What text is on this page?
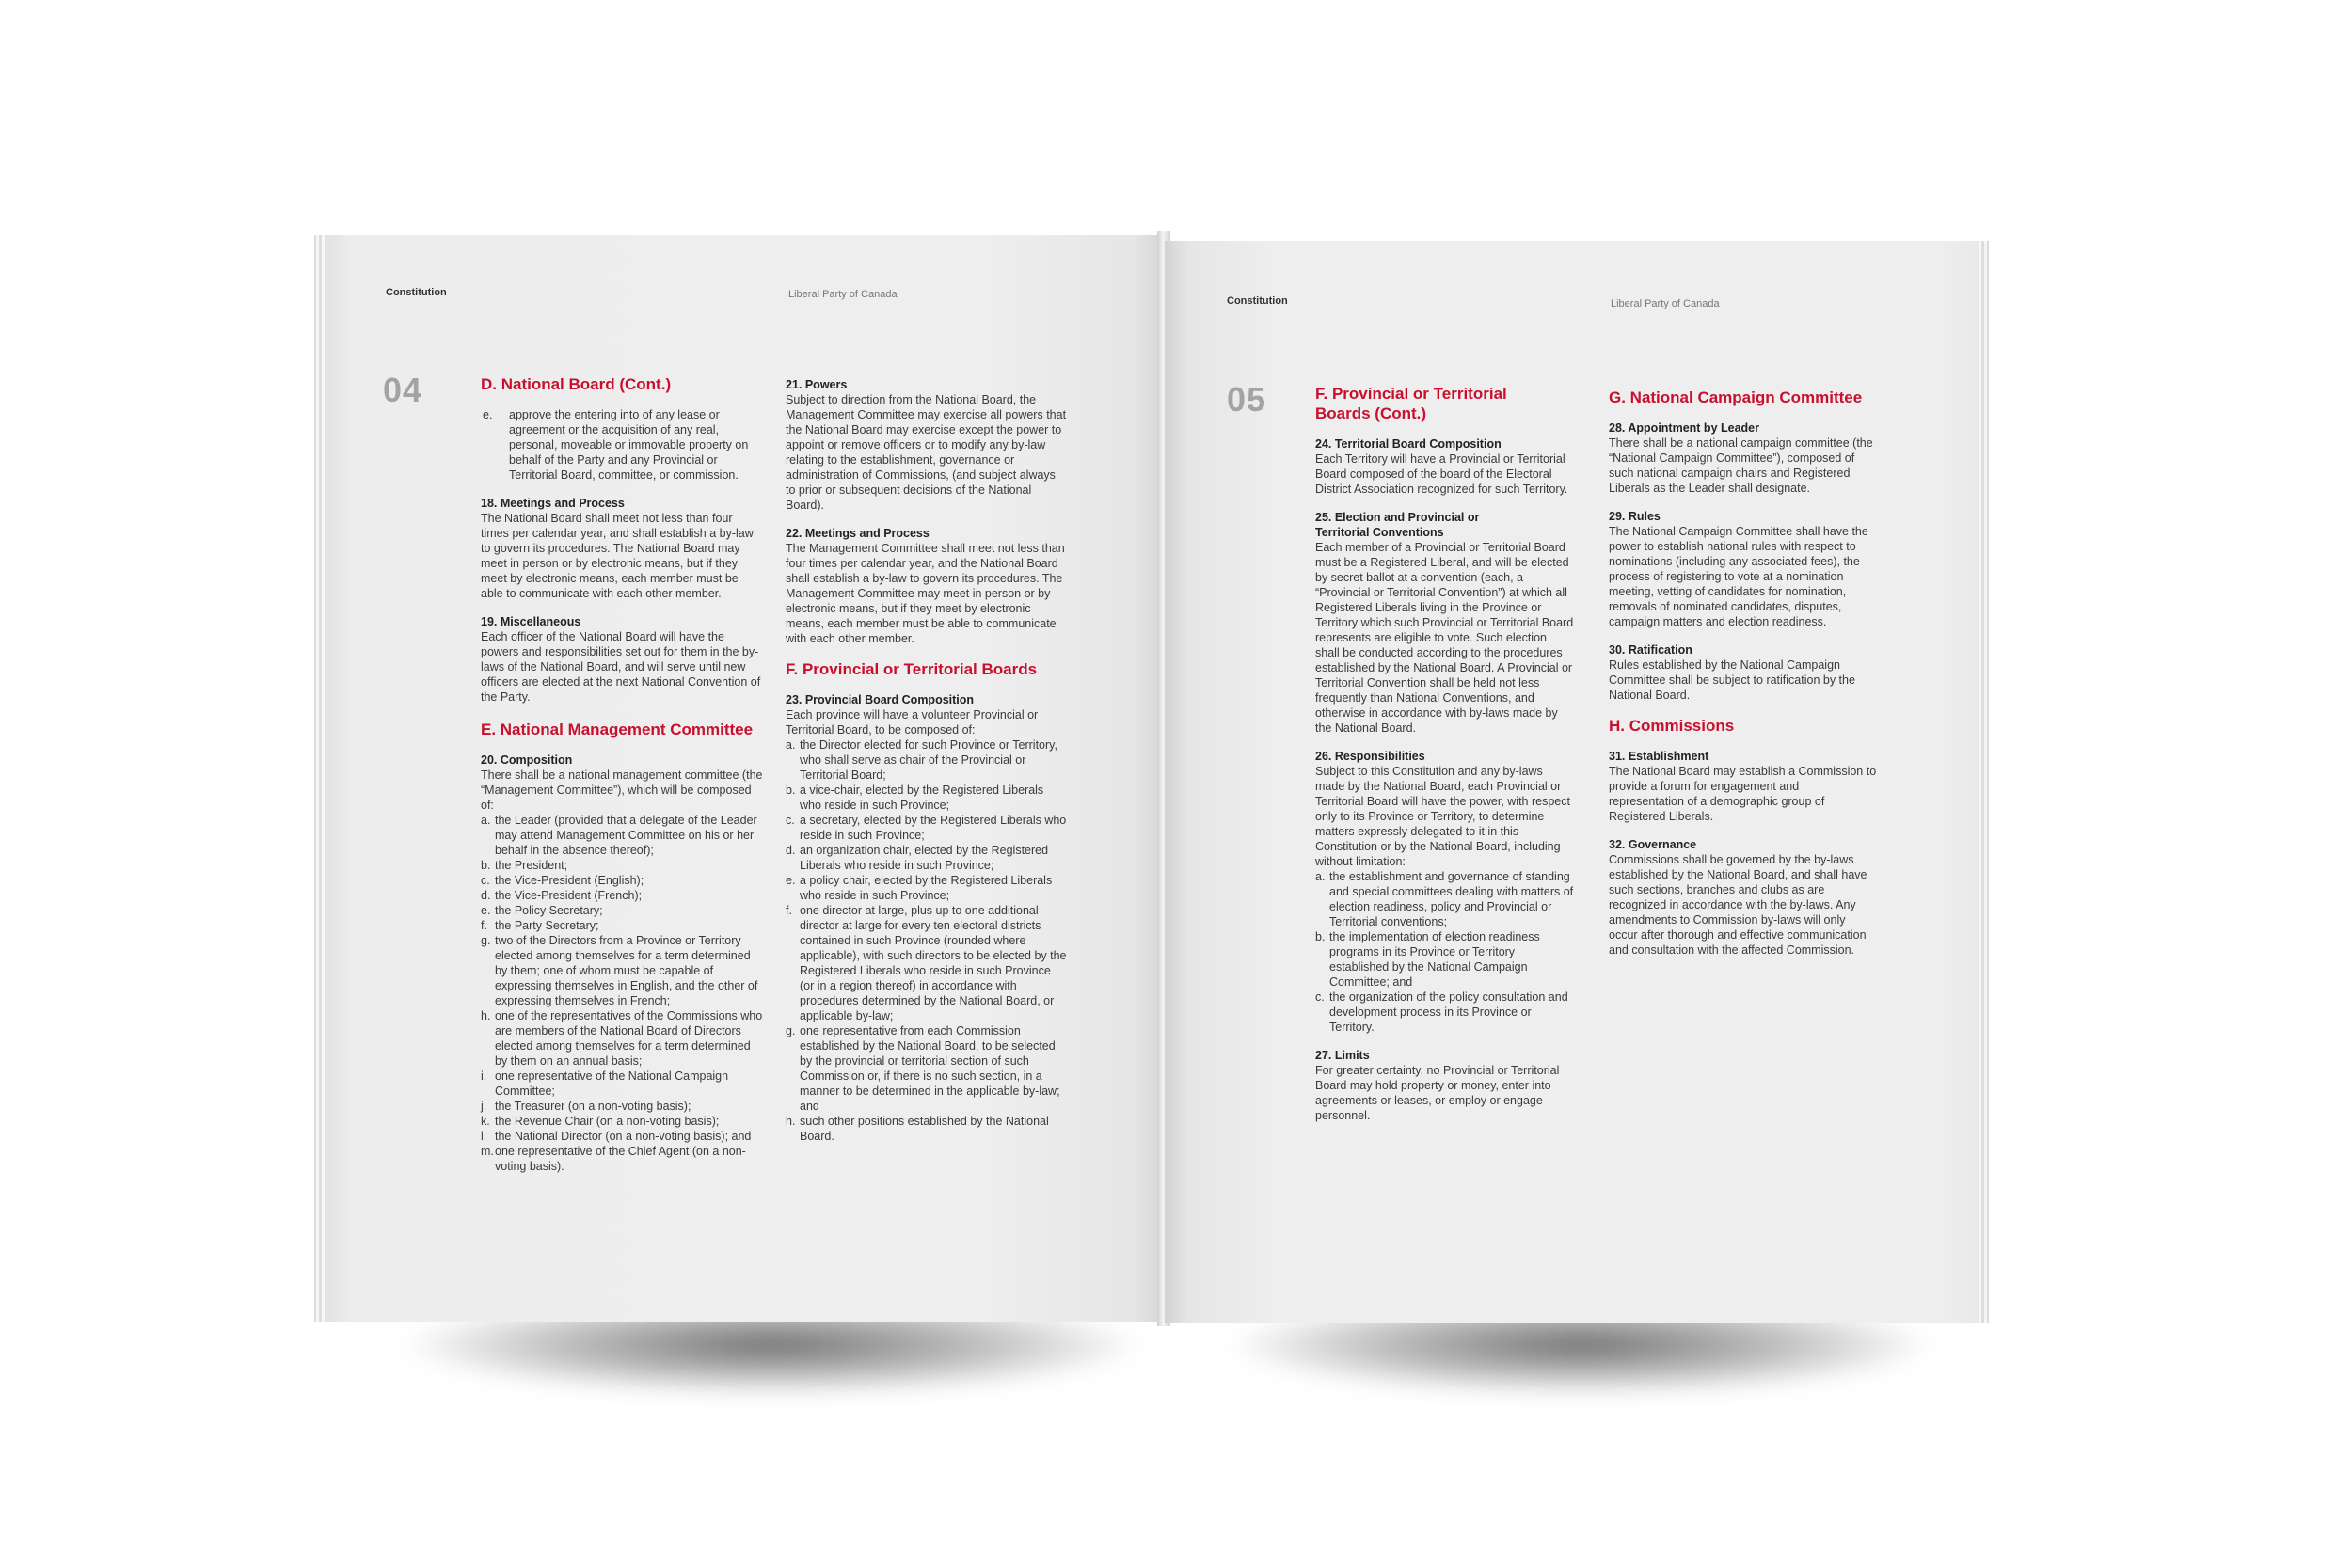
Constitution	Liberal Party of Canada
04	D. National Board (Cont.)
e. approve the entering into of any lease or agreement or the acquisition of any real, personal, moveable or immovable property on behalf of the Party and any Provincial or Territorial Board, committee, or commission.

18. Meetings and Process

The National Board shall meet not less than four times per calendar year, and shall establish a by-law to govern its procedures. The National Board may meet in person or by electronic means, but if they meet by electronic means, each member must be able to communicate with each other member.

19. Miscellaneous

Each officer of the National Board will have the powers and responsibilities set out for them in the by-laws of the National Board, and will serve until new officers are elected at the next National Convention of the Party.

E. National Management Committee

20. Composition

There shall be a national management committee (the “Management Committee”), which will be composed of:

a. the Leader (provided that a delegate of the Leader may attend Management Committee on his or her behalf in the absence thereof);
b. the President;
c. the Vice-President (English);
d. the Vice-President (French);
e. the Policy Secretary;
f. the Party Secretary;
g. two of the Directors from a Province or Territory elected among themselves for a term determined by them; one of whom must be capable of expressing themselves in English, and the other of expressing themselves in French;
h. one of the representatives of the Commissions who are members of the National Board of Directors elected among themselves for a term determined by them on an annual basis;
i. one representative of the National Campaign Committee;
j. the Treasurer (on a non-voting basis);
k. the Revenue Chair (on a non-voting basis);
l. the National Director (on a non-voting basis); and
m. one representative of the Chief Agent (on a non-voting basis).

21. Powers

Subject to direction from the National Board, the Management Committee may exercise all powers that the National Board may exercise except the power to appoint or remove officers or to modify any by-law relating to the establishment, governance or administration of Commissions, (and subject always to prior or subsequent decisions of the National Board).

22. Meetings and Process

The Management Committee shall meet not less than four times per calendar year, and the National Board shall establish a by-law to govern its procedures. The Management Committee may meet in person or by electronic means, but if they meet by electronic means, each member must be able to communicate with each other member.

F. Provincial or Territorial Boards

23. Provincial Board Composition

Each province will have a volunteer Provincial or Territorial Board, to be composed of:

a. the Director elected for such Province or Territory, who shall serve as chair of the Provincial or Territorial Board;
b. a vice-chair, elected by the Registered Liberals who reside in such Province;
c. a secretary, elected by the Registered Liberals who reside in such Province;
d. an organization chair, elected by the Registered Liberals who reside in such Province;
e. a policy chair, elected by the Registered Liberals who reside in such Province;
f. one director at large, plus up to one additional director at large for every ten electoral districts contained in such Province (rounded where applicable), with such directors to be elected by the Registered Liberals who reside in such Province (or in a region thereof) in accordance with procedures determined by the National Board, or applicable by-law;
g. one representative from each Commission established by the National Board, to be selected by the provincial or territorial section of such Commission or, if there is no such section, in a manner to be determined in the applicable by-law; and
h. such other positions established by the National Board.
Constitution	Liberal Party of Canada
05	F. Provincial or Territorial Boards (Cont.)

24. Territorial Board Composition

Each Territory will have a Provincial or Territorial Board composed of the board of the Electoral District Association recognized for such Territory.

25. Election and Provincial or Territorial Conventions

Each member of a Provincial or Territorial Board must be a Registered Liberal, and will be elected by secret ballot at a convention (each, a “Provincial or Territorial Convention”) at which all Registered Liberals living in the Province or Territory which such Provincial or Territorial Board represents are eligible to vote. Such election shall be conducted according to the procedures established by the National Board. A Provincial or Territorial Convention shall be held not less frequently than National Conventions, and otherwise in accordance with by-laws made by the National Board.

26. Responsibilities

Subject to this Constitution and any by-laws made by the National Board, each Provincial or Territorial Board will have the power, with respect only to its Province or Territory, to determine matters expressly delegated to it in this Constitution or by the National Board, including without limitation:

a. the establishment and governance of standing and special committees dealing with matters of election readiness, policy and Provincial or Territorial conventions;
b. the implementation of election readiness programs in its Province or Territory established by the National Campaign Committee; and
c. the organization of the policy consultation and development process in its Province or Territory.

27. Limits

For greater certainty, no Provincial or Territorial Board may hold property or money, enter into agreements or leases, or employ or engage personnel.

G. National Campaign Committee

28. Appointment by Leader

There shall be a national campaign committee (the “National Campaign Committee”), composed of such national campaign chairs and Registered Liberals as the Leader shall designate.

29. Rules

The National Campaign Committee shall have the power to establish national rules with respect to nominations (including any associated fees), the process of registering to vote at a nomination meeting, vetting of candidates for nomination, removals of nominated candidates, disputes, campaign matters and election readiness.

30. Ratification

Rules established by the National Campaign Committee shall be subject to ratification by the National Board.

H. Commissions

31. Establishment

The National Board may establish a Commission to provide a forum for engagement and representation of a demographic group of Registered Liberals.

32. Governance

Commissions shall be governed by the by-laws established by the National Board, and shall have such sections, branches and clubs as are recognized in accordance with the by-laws. Any amendments to Commission by-laws will only occur after thorough and effective communication and consultation with the affected Commission.
